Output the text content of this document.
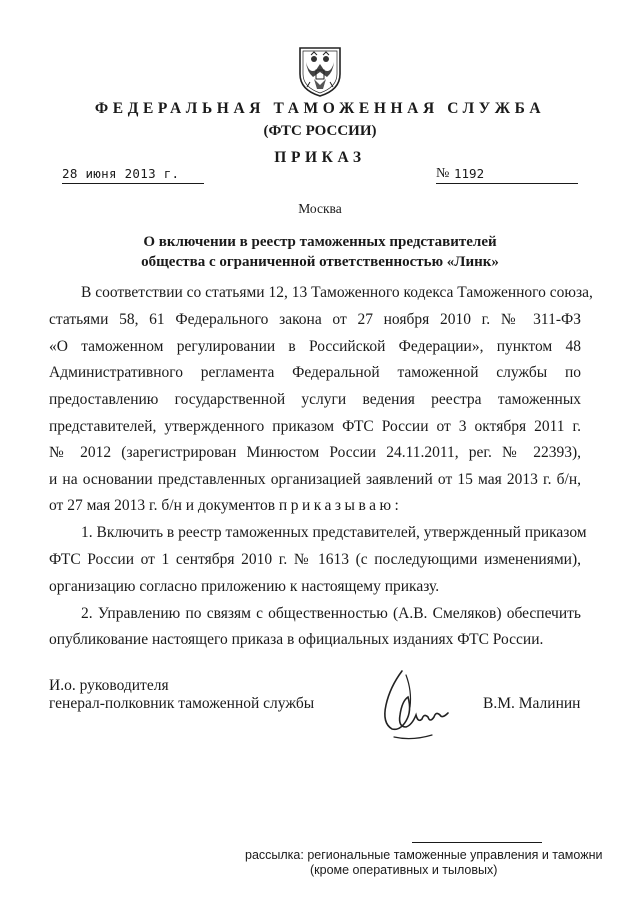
ФЕДЕРАЛЬНАЯ ТАМОЖЕННАЯ СЛУЖБА
(ФТС РОССИИ)
ПРИКАЗ
28 июня 2013 г.	№ 1192
Москва
О включении в реестр таможенных представителей
общества с ограниченной ответственностью «Линк»
В соответствии со статьями 12, 13 Таможенного кодекса Таможенного союза,
статьями 58, 61 Федерального закона от 27 ноября 2010 г. № 311-ФЗ
«О таможенном регулировании в Российской Федерации», пунктом 48
Административного регламента Федеральной таможенной службы по
предоставлению государственной услуги ведения реестра таможенных
представителей, утвержденного приказом ФТС России от 3 октября 2011 г.
№ 2012 (зарегистрирован Минюстом России 24.11.2011, рег. № 22393),
и на основании представленных организацией заявлений от 15 мая 2013 г. б/н,
от 27 мая 2013 г. б/н и документов приказываю:
1. Включить в реестр таможенных представителей, утвержденный приказом
ФТС России от 1 сентября 2010 г. № 1613 (с последующими изменениями),
организацию согласно приложению к настоящему приказу.
2. Управлению по связям с общественностью (А.В. Смеляков) обеспечить
опубликование настоящего приказа в официальных изданиях ФТС России.
И.о. руководителя
генерал-полковник таможенной службы	В.М. Малинин
рассылка: региональные таможенные управления и таможни
(кроме оперативных и тыловых)
